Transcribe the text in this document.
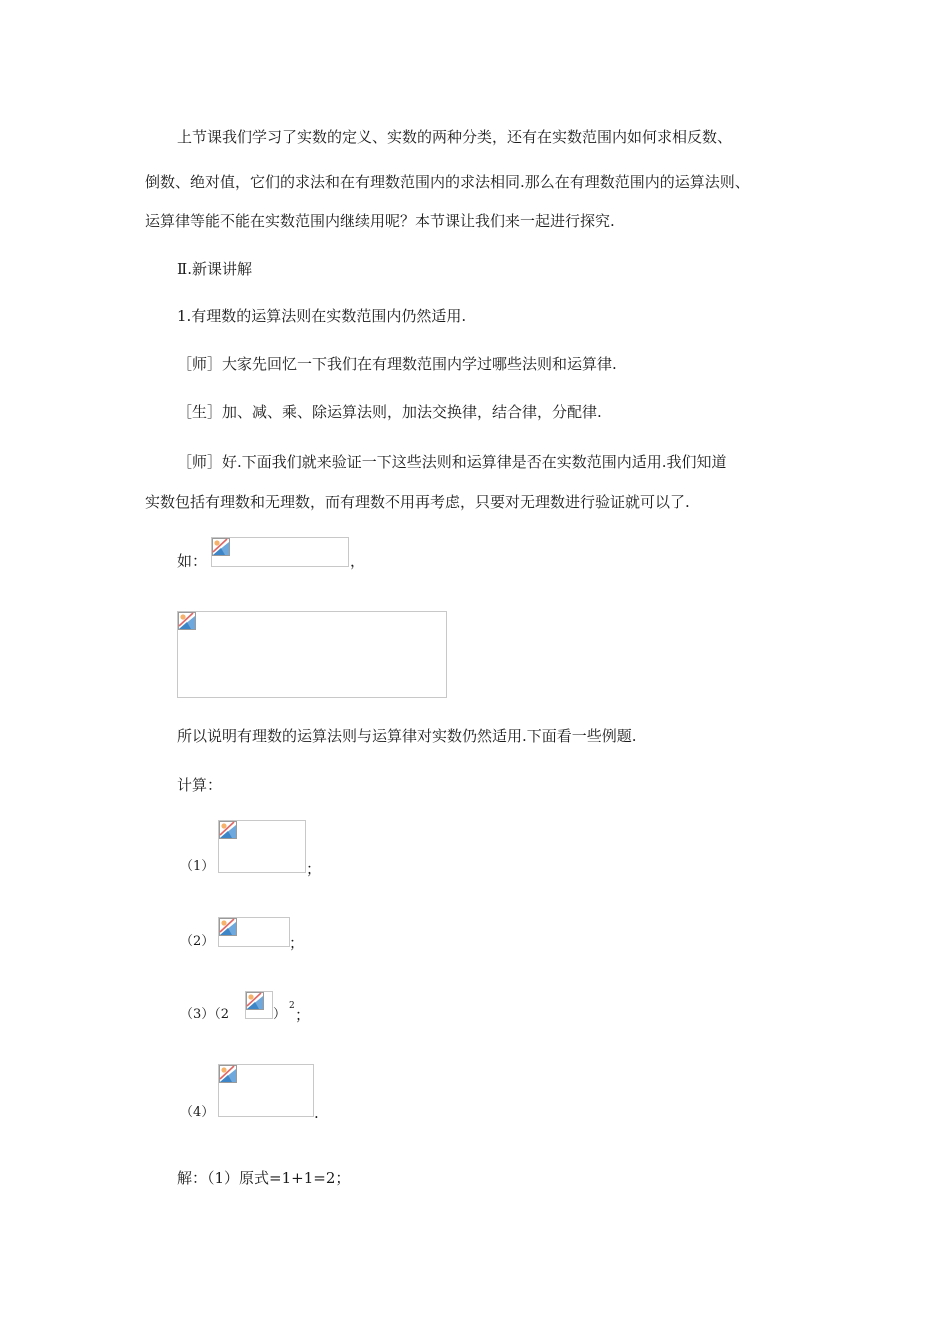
上节课我们学习了实数的定义、实数的两种分类，还有在实数范围内如何求相反数、
倒数、绝对值，它们的求法和在有理数范围内的求法相同.那么在有理数范围内的运算法则、
运算律等能不能在实数范围内继续用呢？本节课让我们来一起进行探究.
Ⅱ.新课讲解
1.有理数的运算法则在实数范围内仍然适用.
［师］大家先回忆一下我们在有理数范围内学过哪些法则和运算律.
［生］加、减、乘、除运算法则，加法交换律，结合律，分配律.
［师］好.下面我们就来验证一下这些法则和运算律是否在实数范围内适用.我们知道
实数包括有理数和无理数，而有理数不用再考虑，只要对无理数进行验证就可以了.
如：	，
所以说明有理数的运算法则与运算律对实数仍然适用.下面看一些例题.
计算：
（1）	；
（2）	；
（3）（2	）
2 ；
（4）	.
解：（1）原式=1+1=2；
